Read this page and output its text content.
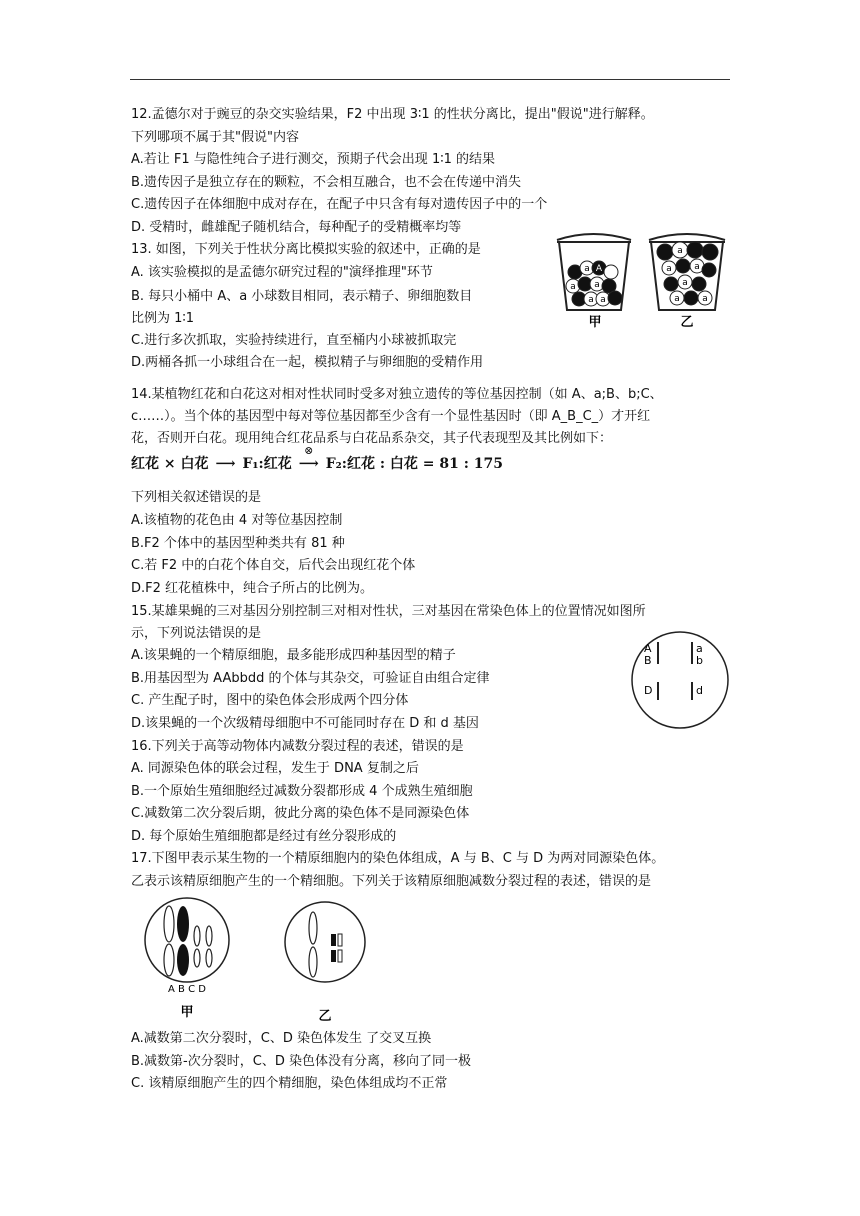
12.孟德尔对于豌豆的杂交实验结果，F2 中出现 3∶1 的性状分离比，提出"假说"进行解释。
下列哪项不属于其"假说"内容
A.若让 F1 与隐性纯合子进行测交，预期子代会出现 1∶1 的结果
B.遗传因子是独立存在的颗粒，不会相互融合，也不会在传递中消失
C.遗传因子在体细胞中成对存在，在配子中只含有每对遗传因子中的一个
D. 受精时，雌雄配子随机结合，每种配子的受精概率均等
13. 如图，下列关于性状分离比模拟实验的叙述中，正确的是
A. 该实验模拟的是孟德尔研究过程的"演绎推理"环节
B. 每只小桶中 A、a 小球数目相同，表示精子、卵细胞数目
比例为 1∶1
C.进行多次抓取，实验持续进行，直至桶内小球被抓取完
D.两桶各抓一小球组合在一起，模拟精子与卵细胞的受精作用
a A
a a
a a
a
a a
a
a a
甲	乙
14.某植物红花和白花这对相对性状同时受多对独立遗传的等位基因控制（如 A、a;B、b;C、
c……）。当个体的基因型中每对等位基因都至少含有一个显性基因时（即 A_B_C_）才开红
花，否则开白花。现用纯合红花品系与白花品系杂交，其子代表现型及其比例如下：
红花 × 白花 ⟶ F₁:红花
⊗
⟶ F₂:红花 : 白花 = 81 : 175
下列相关叙述错误的是
A.该植物的花色由 4 对等位基因控制
B.F2 个体中的基因型种类共有 81 种
C.若 F2 中的白花个体自交，后代会出现红花个体
D.F2 红花植株中，纯合子所占的比例为。
15.某雄果蝇的三对基因分别控制三对相对性状，三对基因在常染色体上的位置情况如图所
示，下列说法错误的是
A.该果蝇的一个精原细胞，最多能形成四种基因型的精子
B.用基因型为 AAbbdd 的个体与其杂交，可验证自由组合定律
C. 产生配子时，图中的染色体会形成两个四分体
D.该果蝇的一个次级精母细胞中不可能同时存在 D 和 d 基因
A
B
D
a
b
d
16.下列关于高等动物体内减数分裂过程的表述，错误的是
A. 同源染色体的联会过程，发生于 DNA 复制之后
B.一个原始生殖细胞经过减数分裂都形成 4 个成熟生殖细胞
C.减数第二次分裂后期，彼此分离的染色体不是同源染色体
D. 每个原始生殖细胞都是经过有丝分裂形成的
17.下图甲表示某生物的一个精原细胞内的染色体组成，A 与 B、C 与 D 为两对同源染色体。
乙表示该精原细胞产生的一个精细胞。下列关于该精原细胞减数分裂过程的表述，错误的是
A B C D
甲	乙
A.减数第二次分裂时，C、D 染色体发生 了交叉互换
B.减数第-次分裂时，C、D 染色体没有分离，移向了同一极
C. 该精原细胞产生的四个精细胞，染色体组成均不正常
